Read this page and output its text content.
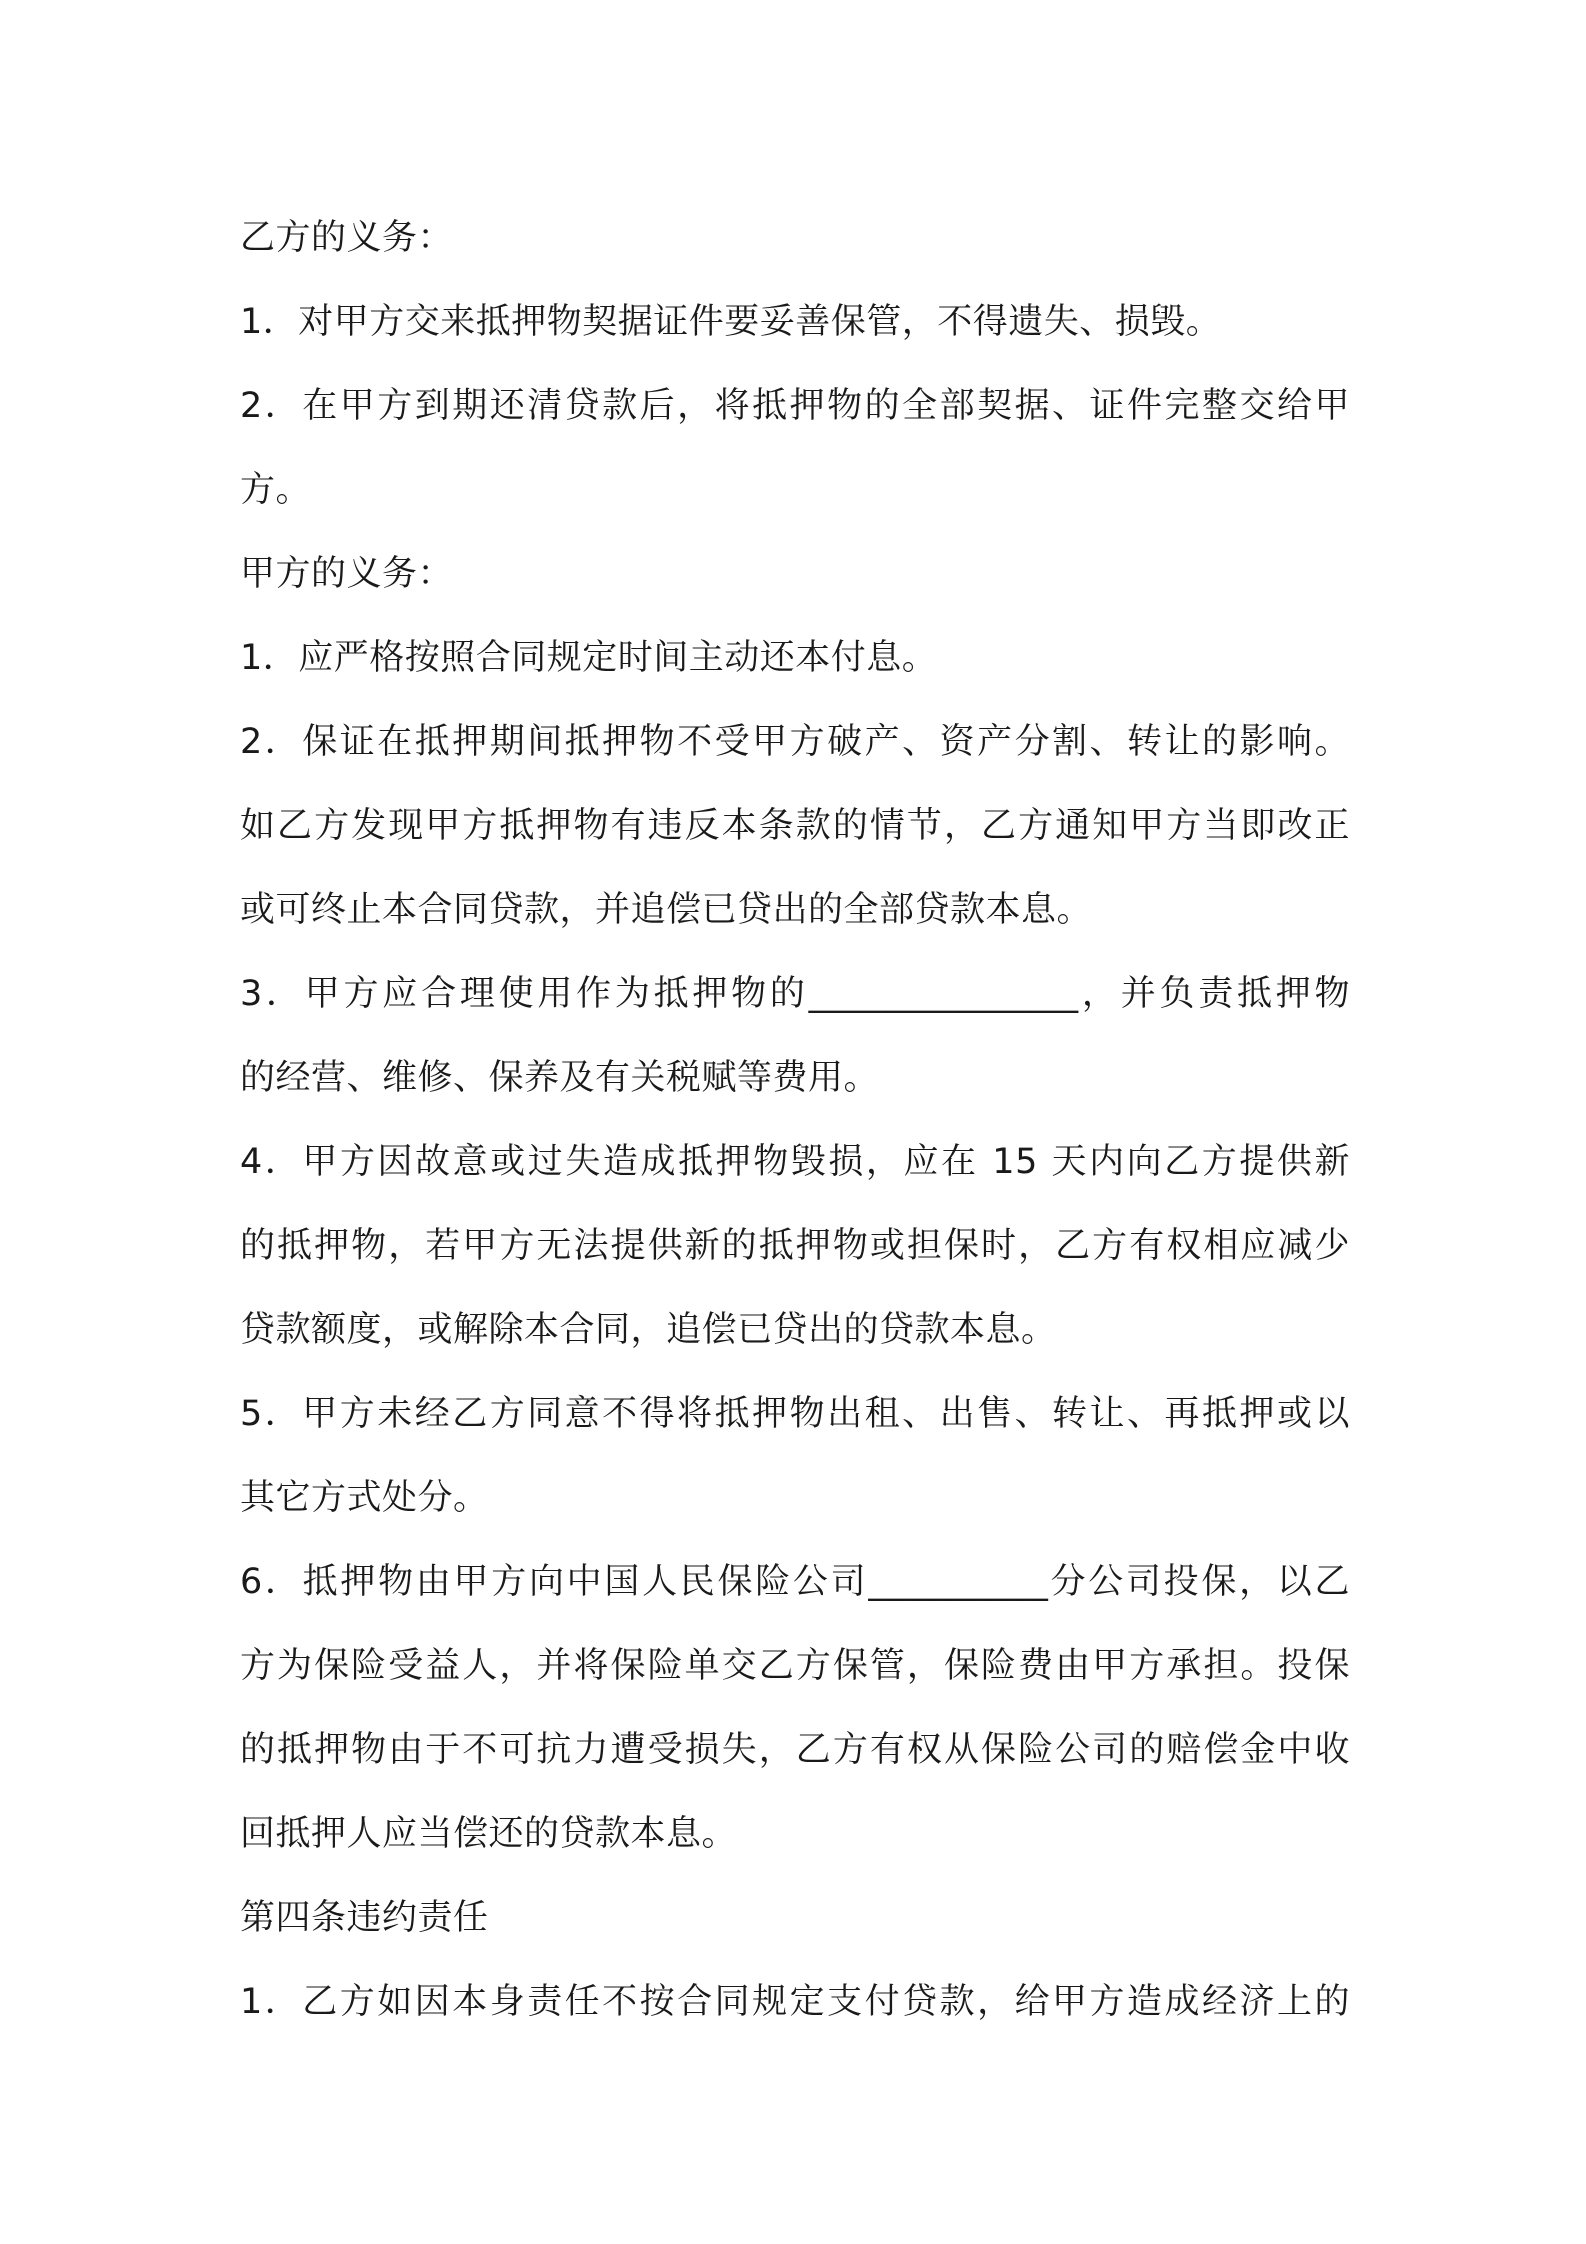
乙方的义务：
1．对甲方交来抵押物契据证件要妥善保管，不得遗失、损毁。
2．在甲方到期还清贷款后，将抵押物的全部契据、证件完整交给甲
方。
甲方的义务：
1．应严格按照合同规定时间主动还本付息。
2．保证在抵押期间抵押物不受甲方破产、资产分割、转让的影响。
如乙方发现甲方抵押物有违反本条款的情节，乙方通知甲方当即改正
或可终止本合同贷款，并追偿已贷出的全部贷款本息。
3．甲方应合理使用作为抵押物的_______________，并负责抵押物
的经营、维修、保养及有关税赋等费用。
4．甲方因故意或过失造成抵押物毁损，应在 15 天内向乙方提供新
的抵押物，若甲方无法提供新的抵押物或担保时，乙方有权相应减少
贷款额度，或解除本合同，追偿已贷出的贷款本息。
5．甲方未经乙方同意不得将抵押物出租、出售、转让、再抵押或以
其它方式处分。
6．抵押物由甲方向中国人民保险公司__________分公司投保，以乙
方为保险受益人，并将保险单交乙方保管，保险费由甲方承担。投保
的抵押物由于不可抗力遭受损失，乙方有权从保险公司的赔偿金中收
回抵押人应当偿还的贷款本息。
第四条违约责任
1．乙方如因本身责任不按合同规定支付贷款，给甲方造成经济上的
